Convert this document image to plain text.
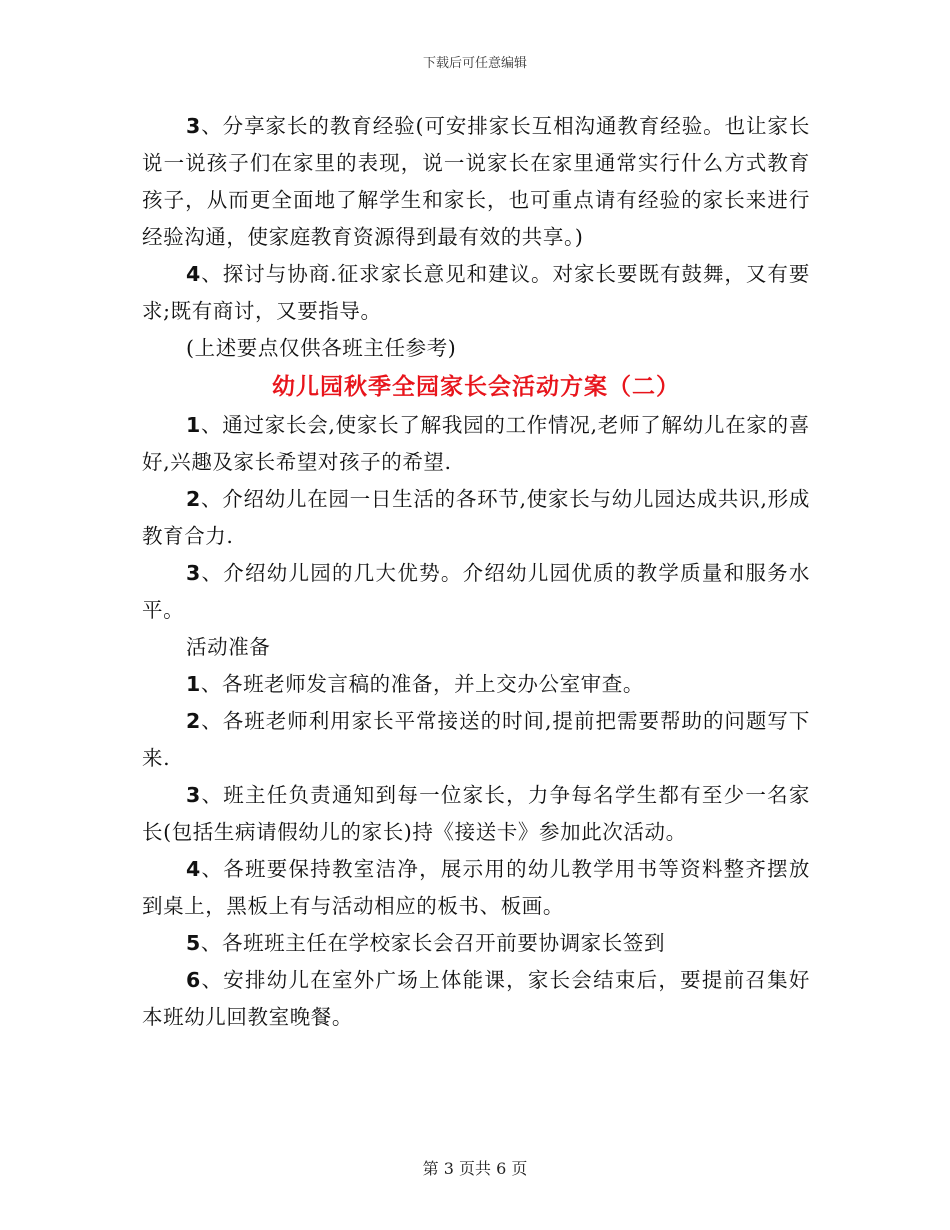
下载后可任意编辑

3、分享家长的教育经验(可安排家长互相沟通教育经验。也让家长说一说孩子们在家里的表现，说一说家长在家里通常实行什么方式教育孩子，从而更全面地了解学生和家长，也可重点请有经验的家长来进行经验沟通，使家庭教育资源得到最有效的共享。)

4、探讨与协商.征求家长意见和建议。对家长要既有鼓舞，又有要求;既有商讨，又要指导。

(上述要点仅供各班主任参考)

幼儿园秋季全园家长会活动方案（二）

1、通过家长会,使家长了解我园的工作情况,老师了解幼儿在家的喜好,兴趣及家长希望对孩子的希望.

2、介绍幼儿在园一日生活的各环节,使家长与幼儿园达成共识,形成教育合力.

3、介绍幼儿园的几大优势。介绍幼儿园优质的教学质量和服务水平。

活动准备

1、各班老师发言稿的准备，并上交办公室审查。

2、各班老师利用家长平常接送的时间,提前把需要帮助的问题写下来.

3、班主任负责通知到每一位家长，力争每名学生都有至少一名家长(包括生病请假幼儿的家长)持《接送卡》参加此次活动。

4、各班要保持教室洁净，展示用的幼儿教学用书等资料整齐摆放到桌上，黑板上有与活动相应的板书、板画。

5、各班班主任在学校家长会召开前要协调家长签到

6、安排幼儿在室外广场上体能课，家长会结束后，要提前召集好本班幼儿回教室晚餐。

第 3 页共 6 页
